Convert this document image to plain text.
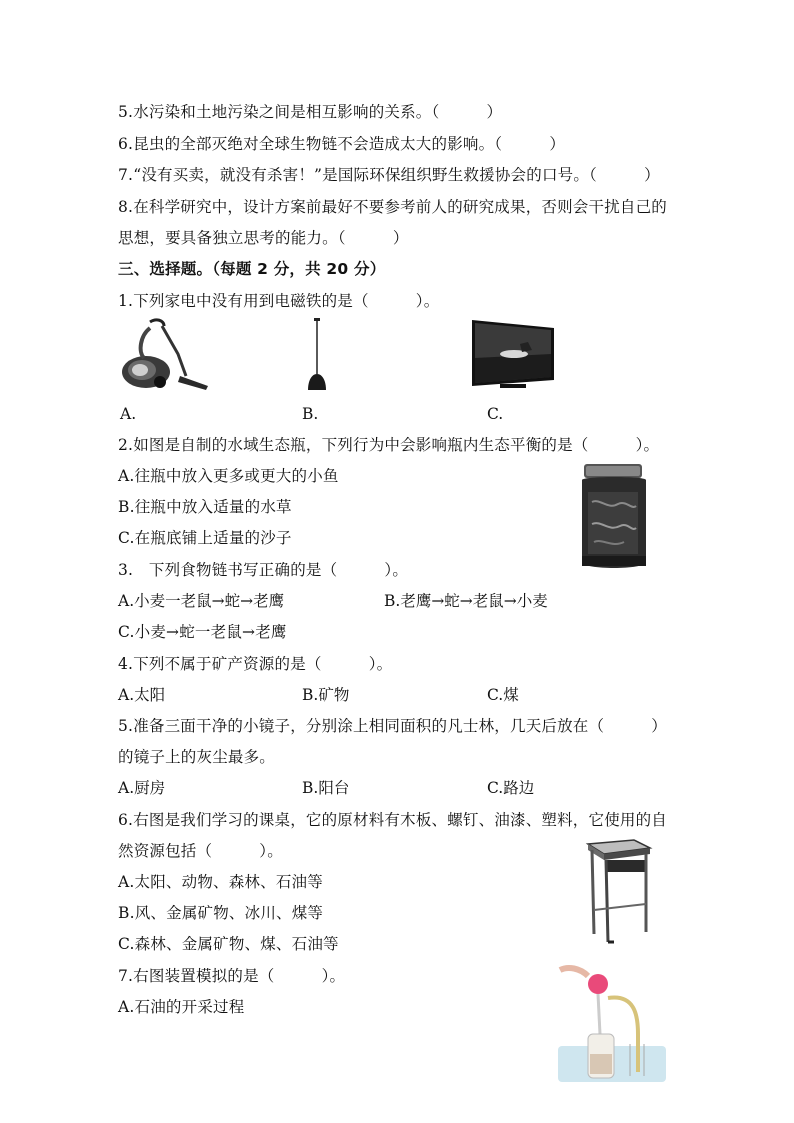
5.水污染和土地污染之间是相互影响的关系。（　　　）
6.昆虫的全部灭绝对全球生物链不会造成太大的影响。（　　　）
7.“没有买卖，就没有杀害！”是国际环保组织野生救援协会的口号。（　　　）
8.在科学研究中，设计方案前最好不要参考前人的研究成果，否则会干扰自己的
思想，要具备独立思考的能力。（　　　）
三、选择题。（每题 2 分，共 20 分）
1.下列家电中没有用到电磁铁的是（　　　）。
A.	B.	C.
2.如图是自制的水域生态瓶，下列行为中会影响瓶内生态平衡的是（　　　）。
A.往瓶中放入更多或更大的小鱼
B.往瓶中放入适量的水草
C.在瓶底铺上适量的沙子
3.　下列食物链书写正确的是（　　　）。
A.小麦一老鼠→蛇→老鹰	B.老鹰→蛇→老鼠→小麦
C.小麦→蛇一老鼠→老鹰
4.下列不属于矿产资源的是（　　　）。
A.太阳	B.矿物	C.煤
5.准备三面干净的小镜子，分别涂上相同面积的凡士林，几天后放在（　　　）
的镜子上的灰尘最多。
A.厨房	B.阳台	C.路边
6.右图是我们学习的课桌，它的原材料有木板、螺钉、油漆、塑料，它使用的自
然资源包括（　　　）。
A.太阳、动物、森林、石油等
B.风、金属矿物、冰川、煤等
C.森林、金属矿物、煤、石油等
7.右图装置模拟的是（　　　）。
A.石油的开采过程
